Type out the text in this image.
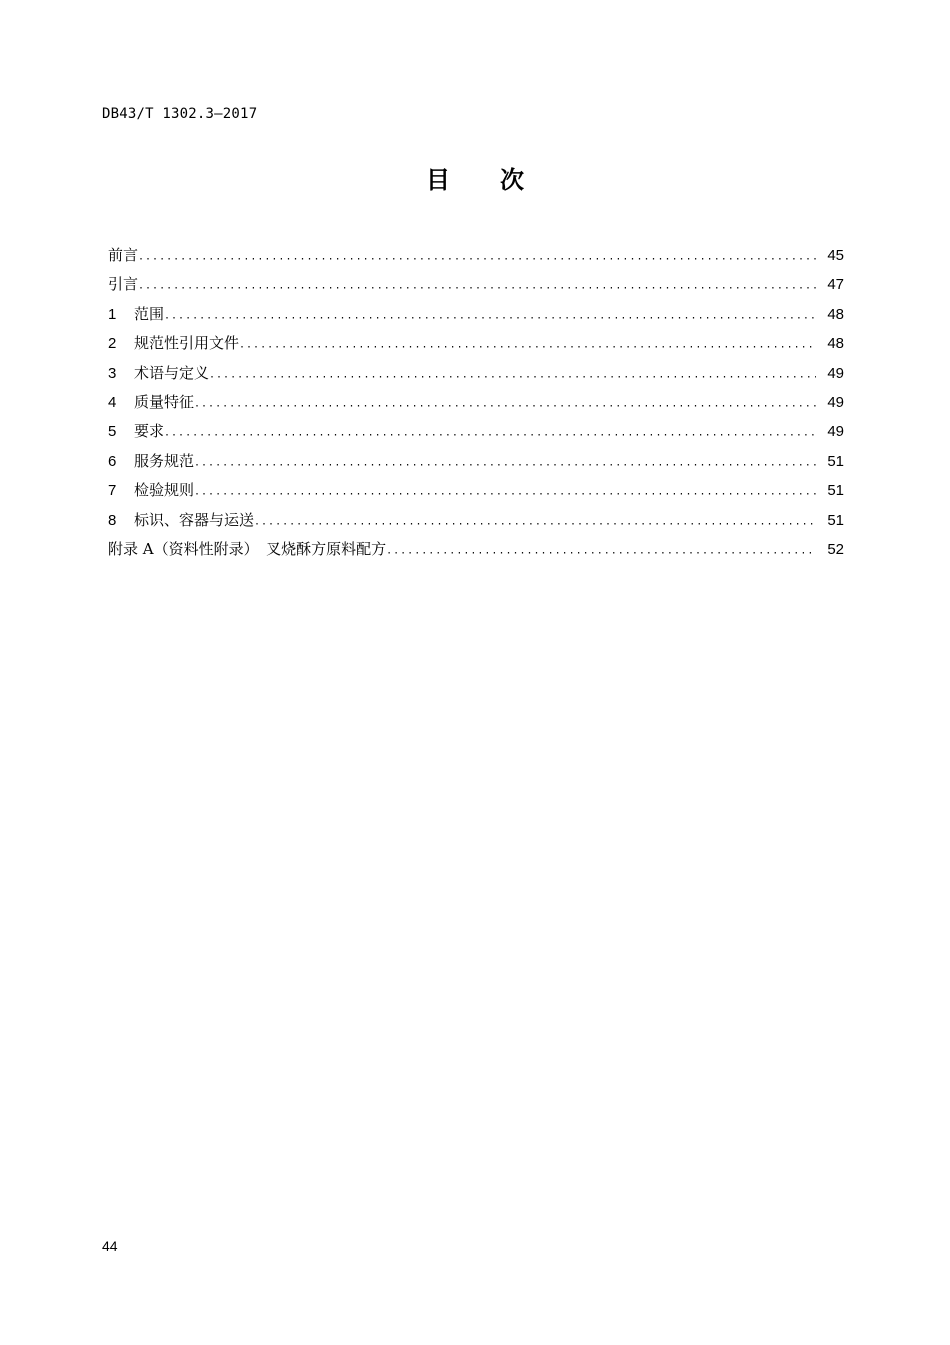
DB43/T 1302.3—2017
目 次
前言 ·····	45
引言 ·····	47
1	范围 ·····	48
2	规范性引用文件 ·····	48
3	术语与定义 ·····	49
4	质量特征 ·····	49
5	要求 ·····	49
6	服务规范 ·····	51
7	检验规则 ·····	51
8	标识、容器与运送 ·····	51
附录 A（资料性附录）　叉烧酥方原料配方 ·····	52
44
